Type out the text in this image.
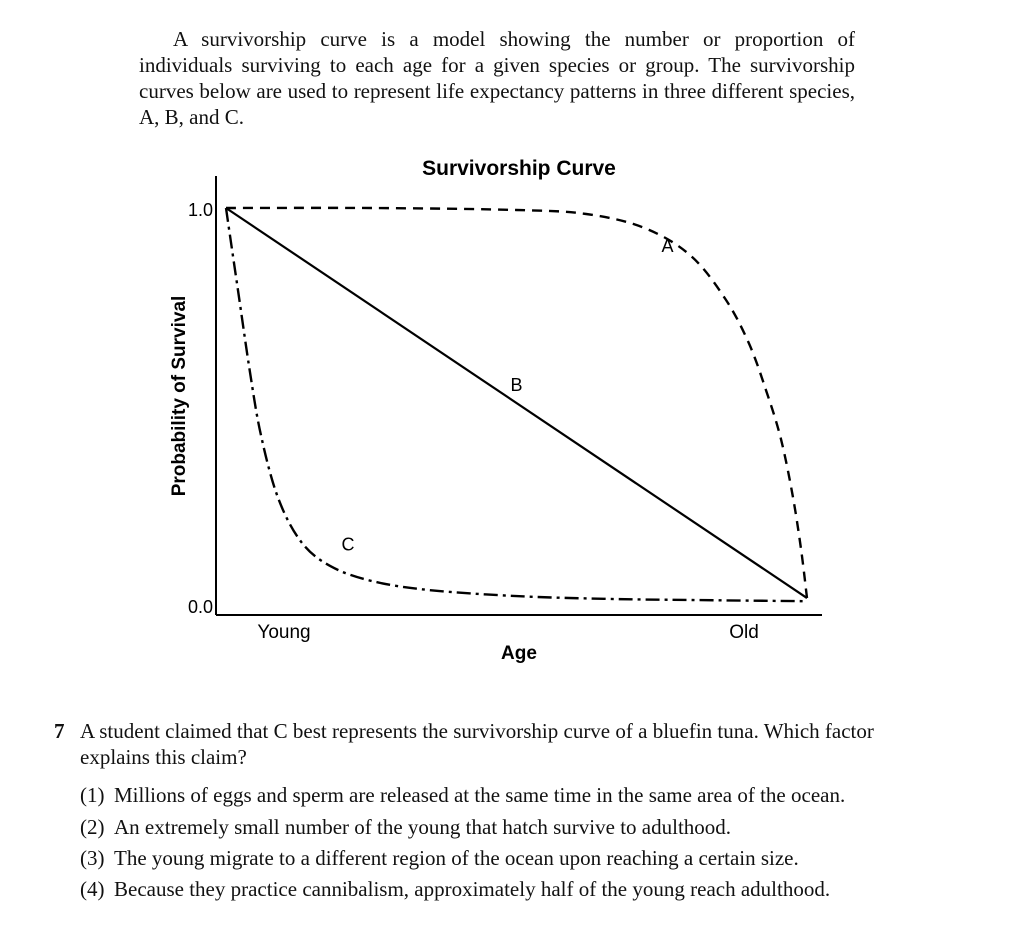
A survivorship curve is a model showing the number or proportion of individuals surviving to each age for a given species or group. The survivorship curves below are used to represent life expectancy patterns in three different species, A, B, and C.
Survivorship Curve
1.0
0.0
Young	Old
Age
Probability of Survival
A
B
C
7 A student claimed that C best represents the survivorship curve of a bluefin tuna. Which factor explains this claim?
(1) Millions of eggs and sperm are released at the same time in the same area of the ocean.
(2) An extremely small number of the young that hatch survive to adulthood.
(3) The young migrate to a different region of the ocean upon reaching a certain size.
(4) Because they practice cannibalism, approximately half of the young reach adulthood.
